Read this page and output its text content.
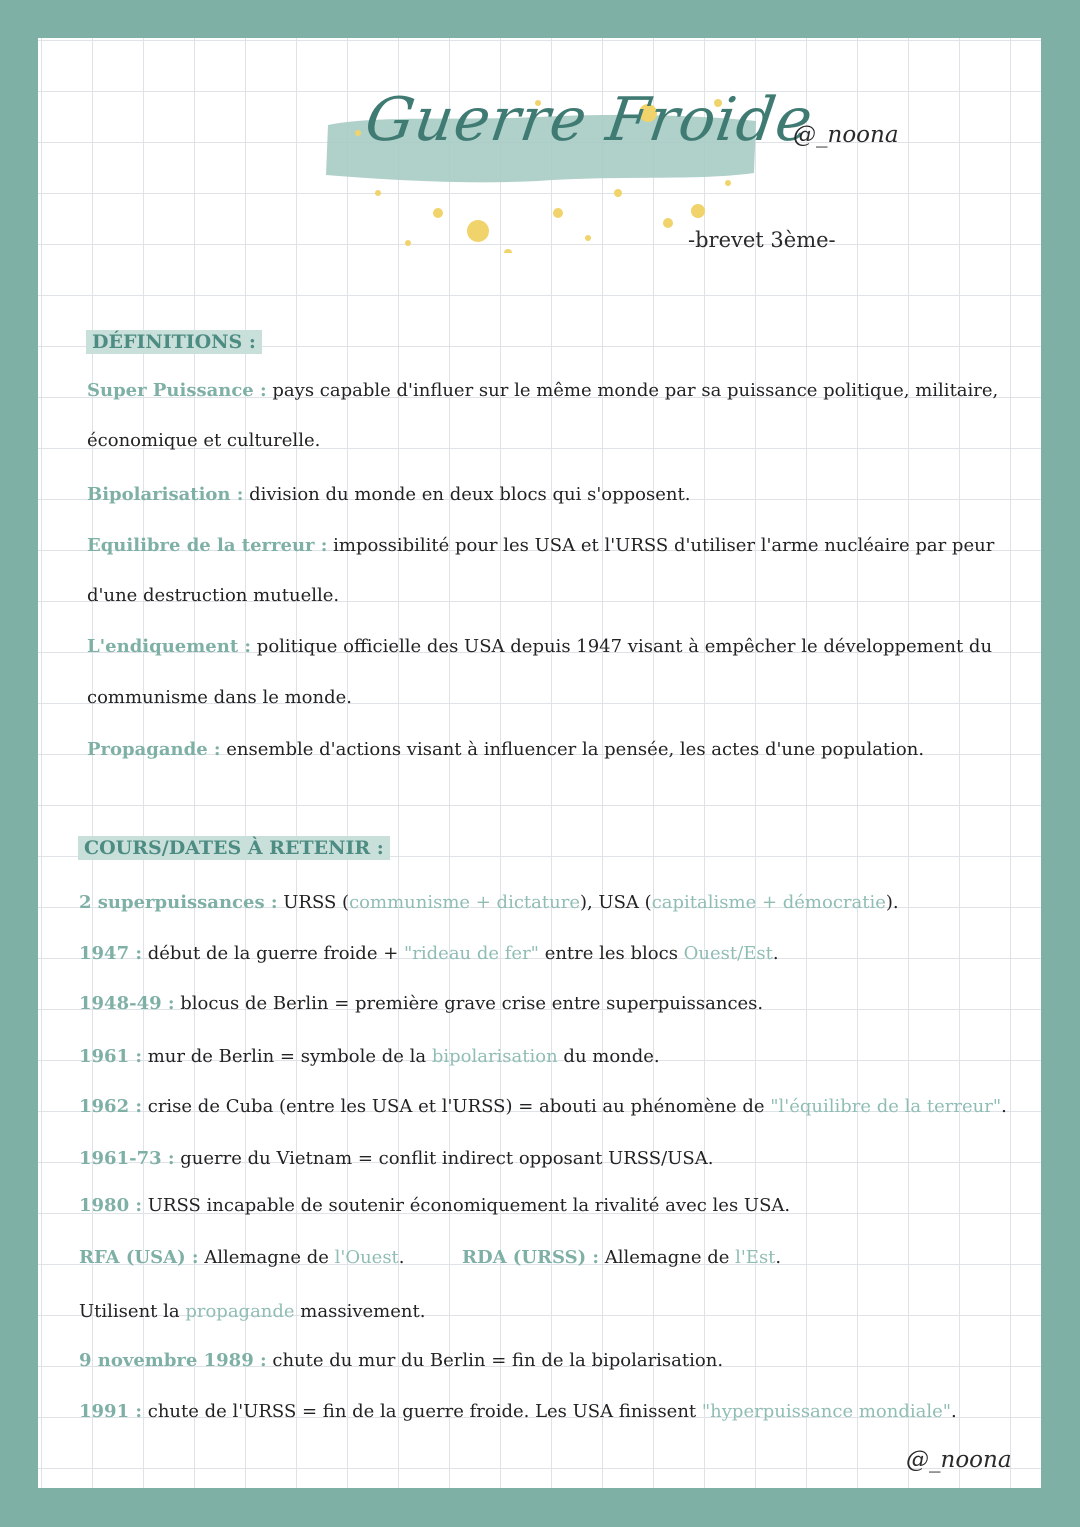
Guerre Froide
@_noona
-brevet 3ème-
DÉFINITIONS :
Super Puissance : pays capable d'influer sur le même monde par sa puissance politique, militaire,
économique et culturelle.
Bipolarisation : division du monde en deux blocs qui s'opposent.
Equilibre de la terreur : impossibilité pour les USA et l'URSS d'utiliser l'arme nucléaire par peur
d'une destruction mutuelle.
L'endiquement : politique officielle des USA depuis 1947 visant à empêcher le développement du
communisme dans le monde.
Propagande : ensemble d'actions visant à influencer la pensée, les actes d'une population.
COURS/DATES À RETENIR :
2 superpuissances : URSS (communisme + dictature), USA (capitalisme + démocratie).
1947 : début de la guerre froide + "rideau de fer" entre les blocs Ouest/Est.
1948-49 : blocus de Berlin = première grave crise entre superpuissances.
1961 : mur de Berlin = symbole de la bipolarisation du monde.
1962 : crise de Cuba (entre les USA et l'URSS) = abouti au phénomène de "l'équilibre de la terreur".
1961-73 : guerre du Vietnam = conflit indirect opposant URSS/USA.
1980 : URSS incapable de soutenir économiquement la rivalité avec les USA.
RFA (USA) : Allemagne de l'Ouest.	RDA (URSS) : Allemagne de l'Est.
Utilisent la propagande massivement.
9 novembre 1989 : chute du mur du Berlin = fin de la bipolarisation.
1991 : chute de l'URSS = fin de la guerre froide. Les USA finissent "hyperpuissance mondiale".
@_noona
